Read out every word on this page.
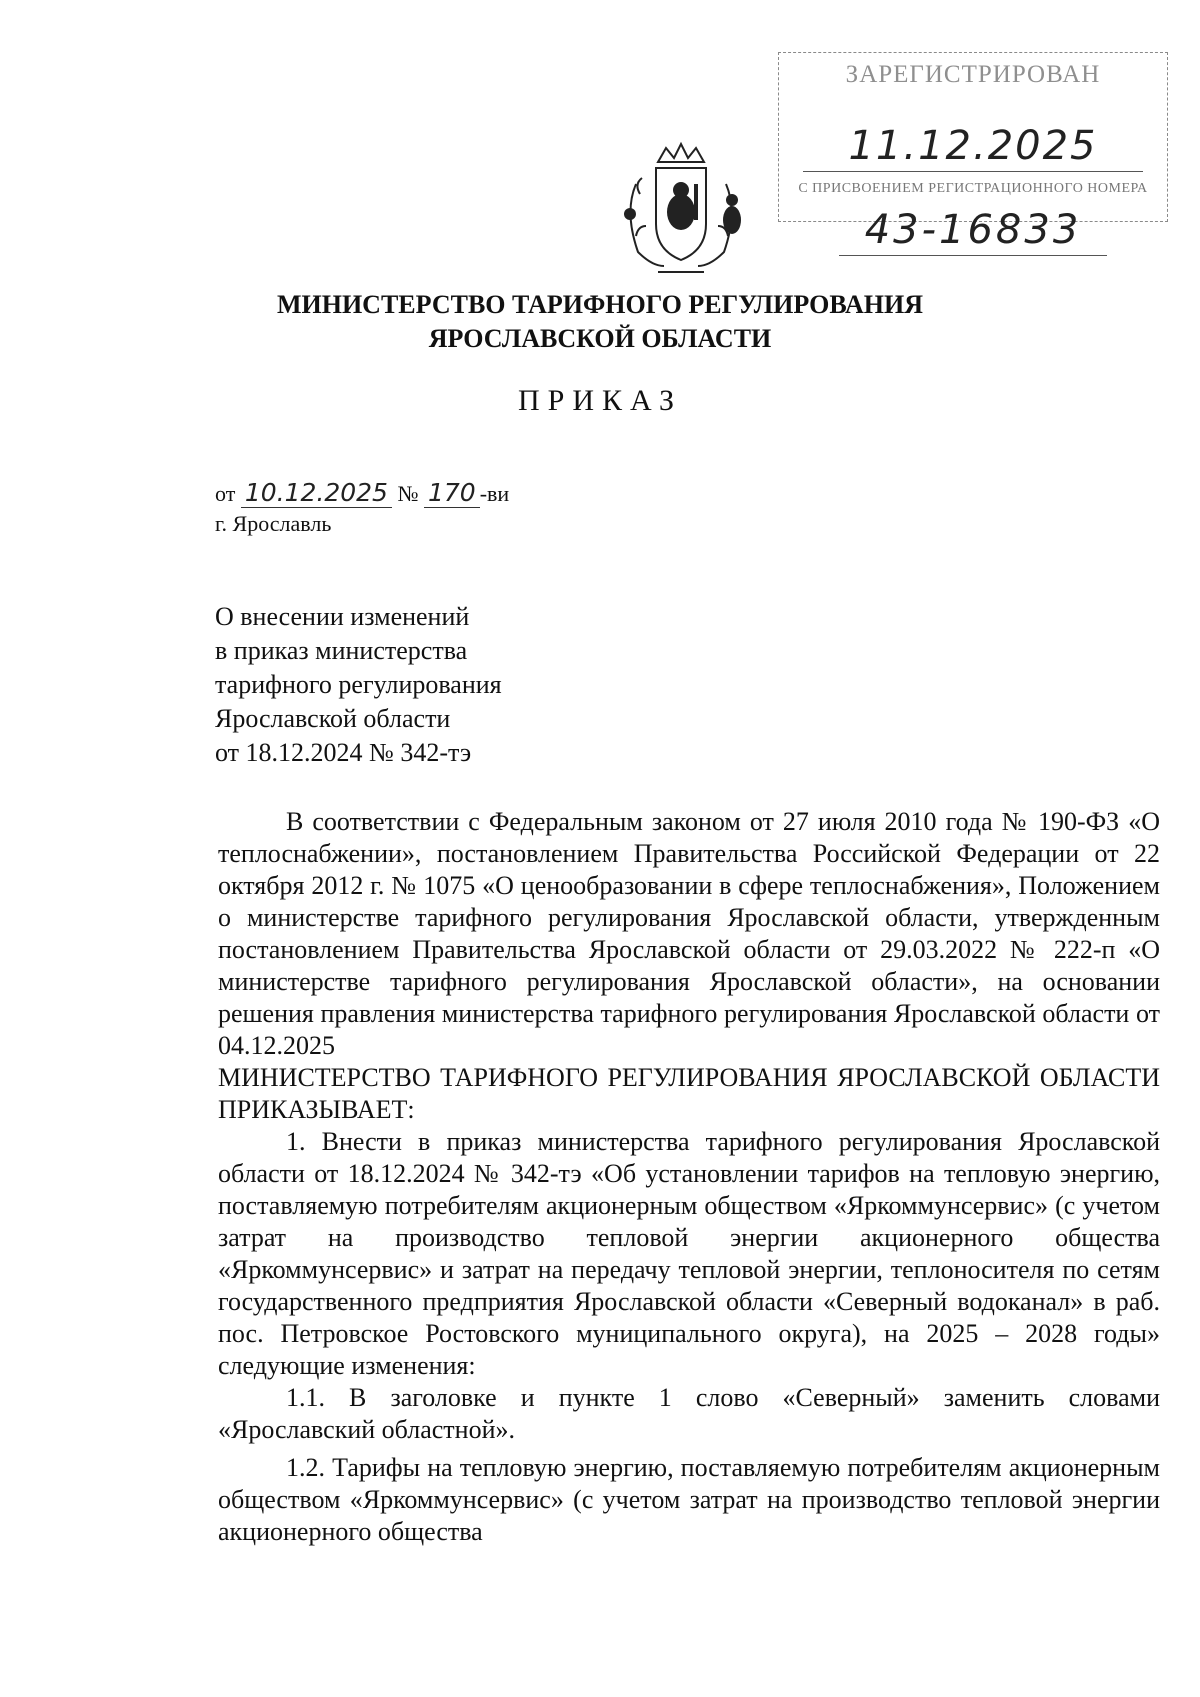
ЗАРЕГИСТРИРОВАН
11.12.2025
С ПРИСВОЕНИЕМ РЕГИСТРАЦИОННОГО НОМЕРА
43-16833
МИНИСТЕРСТВО ТАРИФНОГО РЕГУЛИРОВАНИЯ
ЯРОСЛАВСКОЙ ОБЛАСТИ
ПРИКАЗ
от 10.12.2025 № 170 -ви
г. Ярославль
О внесении изменений
в приказ министерства
тарифного регулирования
Ярославской области
от 18.12.2024 № 342-тэ

В соответствии с Федеральным законом от 27 июля 2010 года № 190-ФЗ «О теплоснабжении», постановлением Правительства Российской Федерации от 22 октября 2012 г. № 1075 «О ценообразовании в сфере теплоснабжения», Положением о министерстве тарифного регулирования Ярославской области, утвержденным постановлением Правительства Ярославской области от 29.03.2022 № 222-п «О министерстве тарифного регулирования Ярославской области», на основании решения правления министерства тарифного регулирования Ярославской области от 04.12.2025

МИНИСТЕРСТВО ТАРИФНОГО РЕГУЛИРОВАНИЯ ЯРОСЛАВСКОЙ ОБЛАСТИ ПРИКАЗЫВАЕТ:

1. Внести в приказ министерства тарифного регулирования Ярославской области от 18.12.2024 № 342-тэ «Об установлении тарифов на тепловую энергию, поставляемую потребителям акционерным обществом «Яркоммунсервис» (с учетом затрат на производство тепловой энергии акционерного общества «Яркоммунсервис» и затрат на передачу тепловой энергии, теплоносителя по сетям государственного предприятия Ярославской области «Северный водоканал» в раб. пос. Петровское Ростовского муниципального округа), на 2025 – 2028 годы» следующие изменения:

1.1. В заголовке и пункте 1 слово «Северный» заменить словами «Ярославский областной».

1.2. Тарифы на тепловую энергию, поставляемую потребителям акционерным обществом «Яркоммунсервис» (с учетом затрат на производство тепловой энергии акционерного общества
